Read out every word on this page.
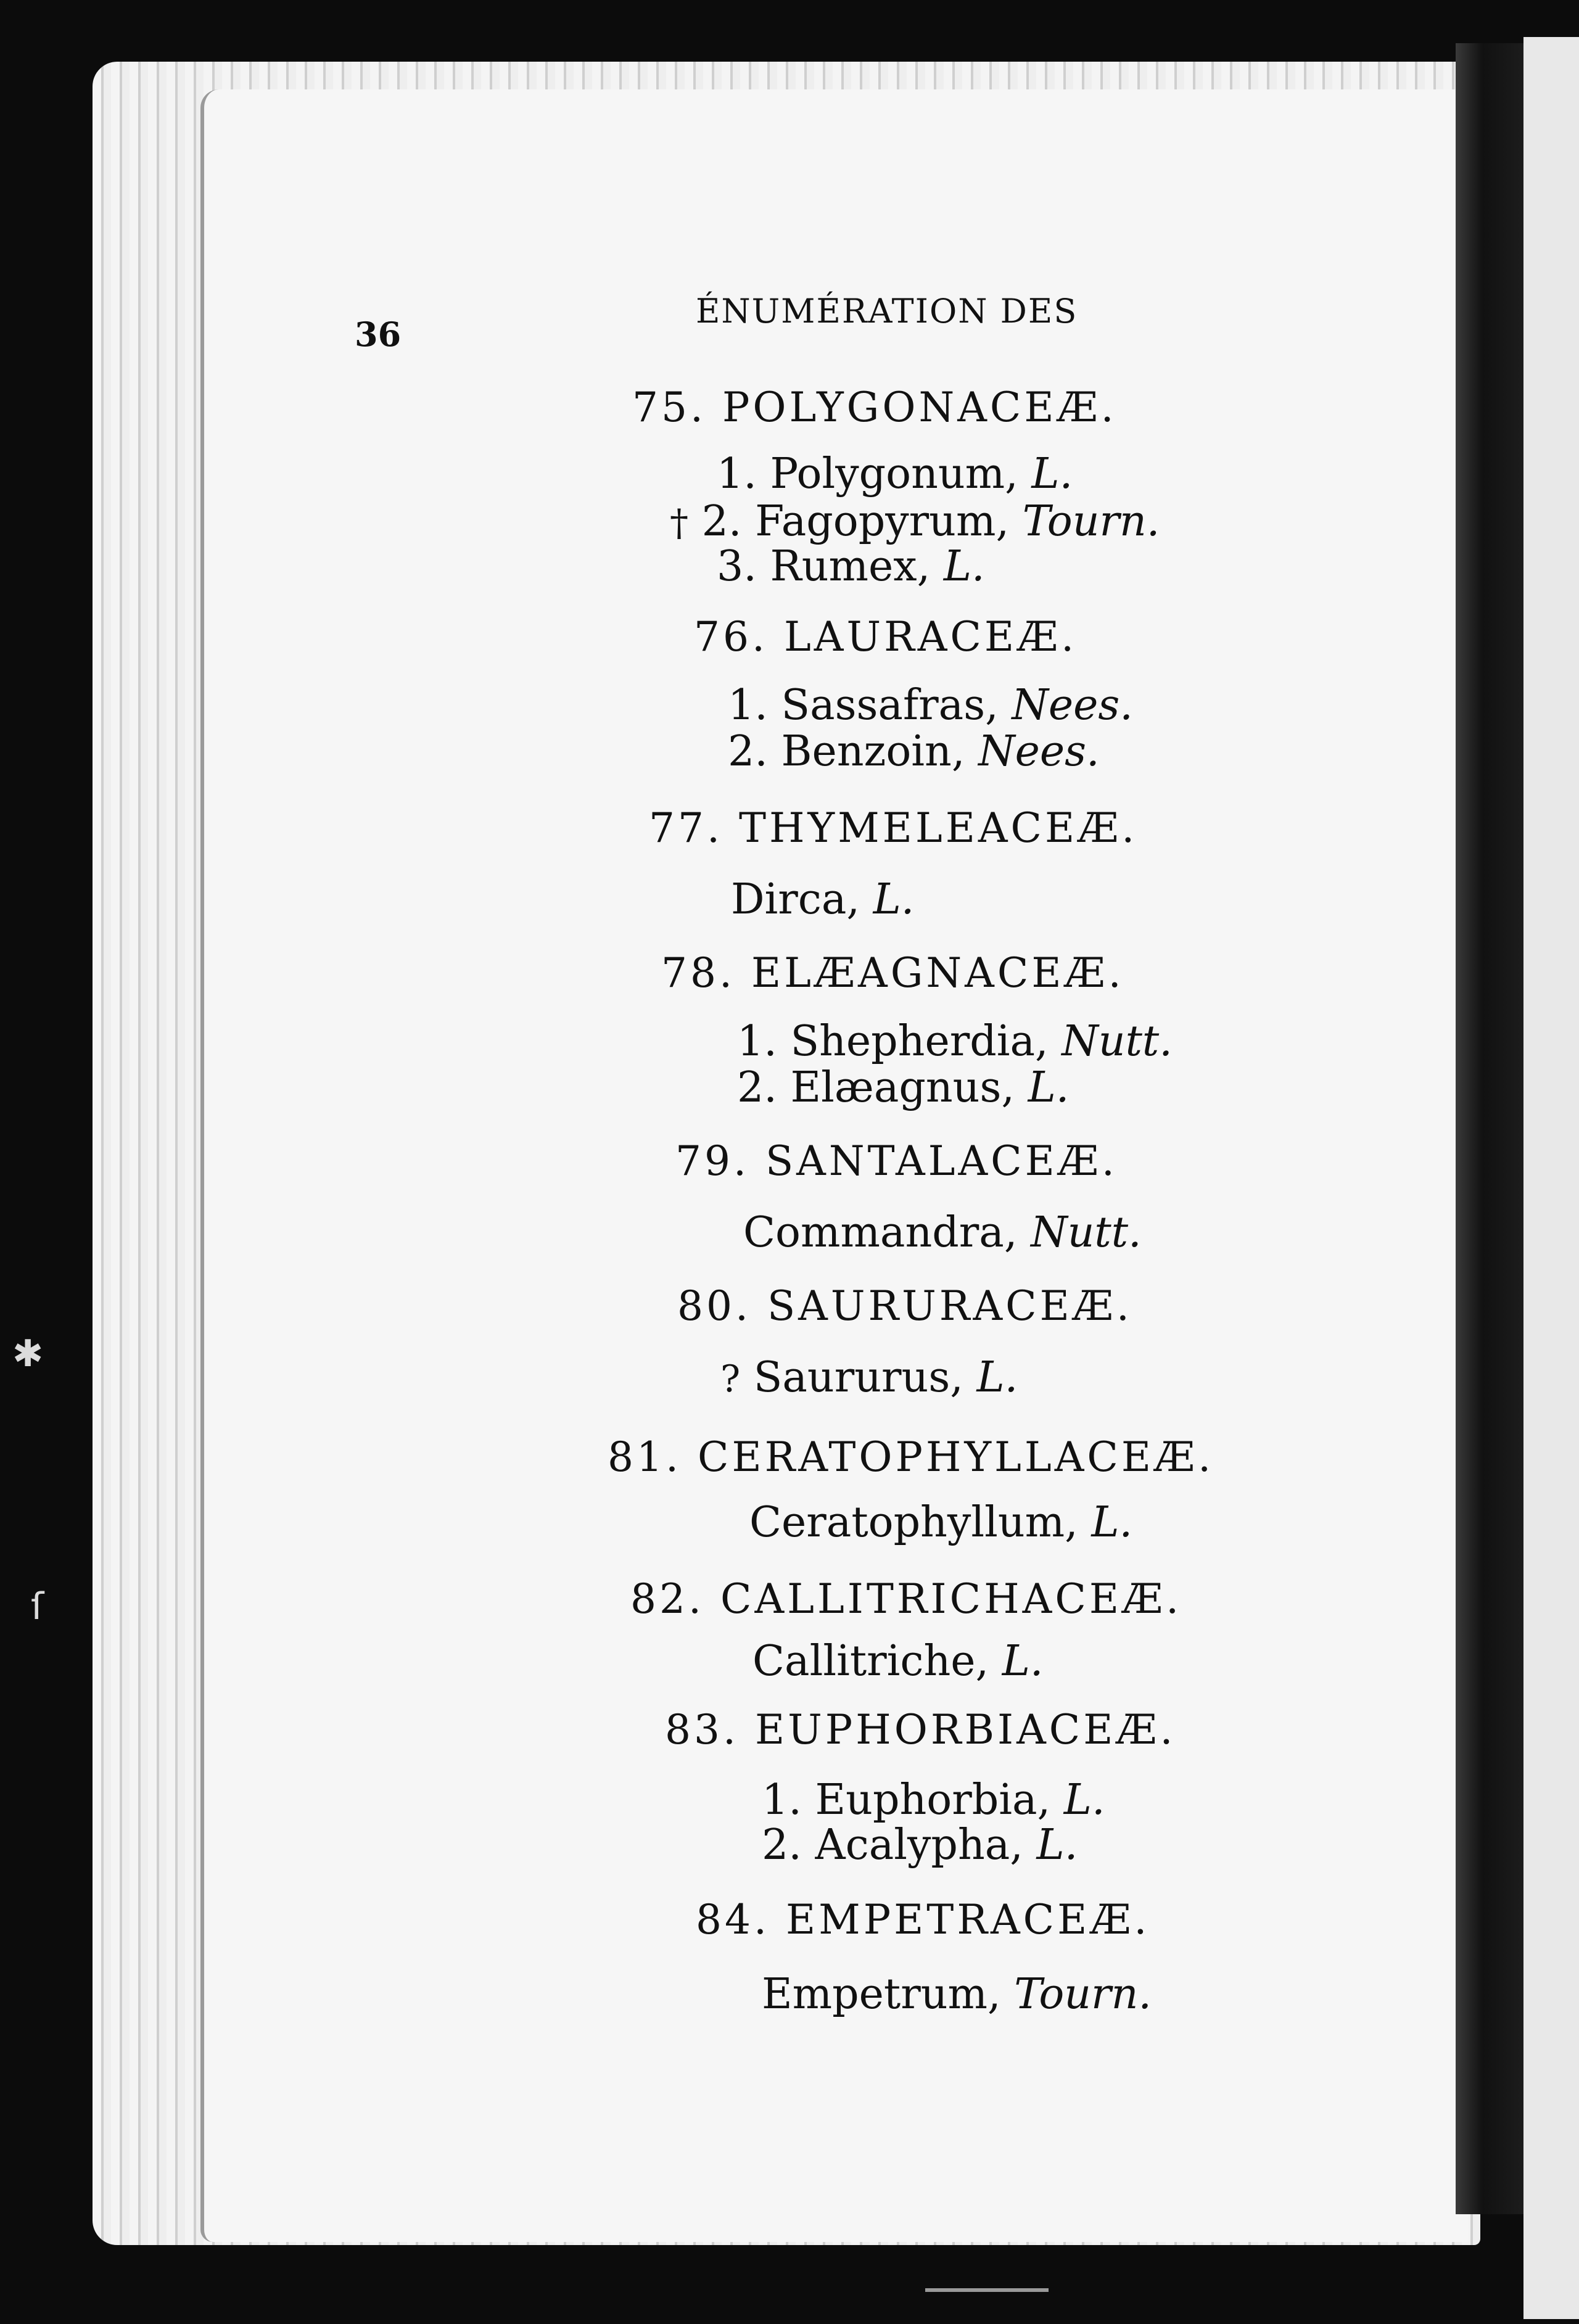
✱
ſ
36
ÉNUMÉRATION DES
75. POLYGONACEÆ.
1. Polygonum, L.
† 2. Fagopyrum, Tourn.
3. Rumex, L.
76. LAURACEÆ.
1. Sassafras, Nees.
2. Benzoin, Nees.
77. THYMELEACEÆ.
Dirca, L.
78. ELÆAGNACEÆ.
1. Shepherdia, Nutt.
2. Elæagnus, L.
79. SANTALACEÆ.
Commandra, Nutt.
80. SAURURACEÆ.
? Saururus, L.
81. CERATOPHYLLACEÆ.
Ceratophyllum, L.
82. CALLITRICHACEÆ.
Callitriche, L.
83. EUPHORBIACEÆ.
1. Euphorbia, L.
2. Acalypha, L.
84. EMPETRACEÆ.
Empetrum, Tourn.
